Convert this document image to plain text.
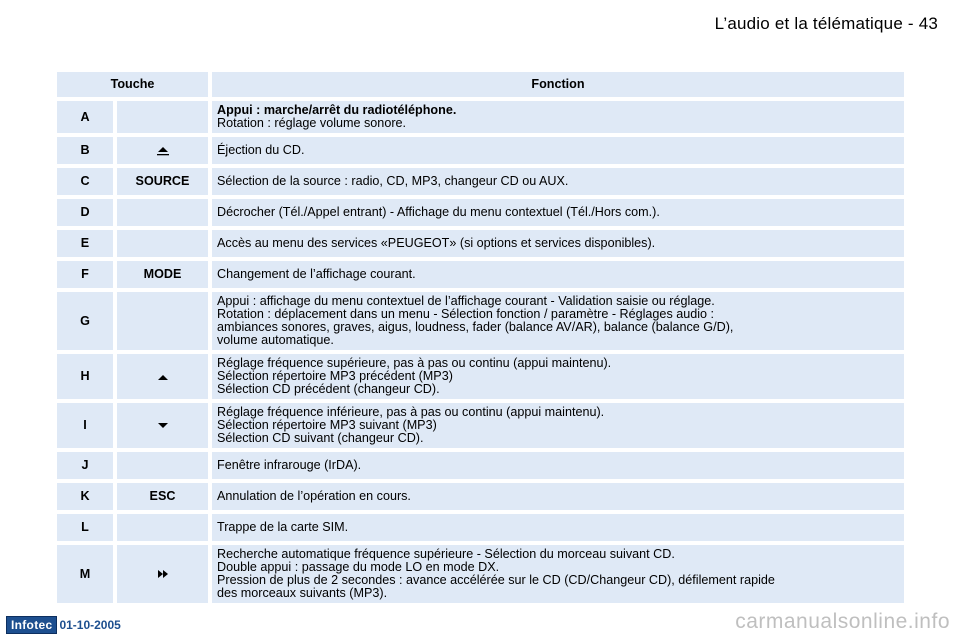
L’audio et la télématique - 43
Touche		Fonction
A		Appui : marche/arrêt du radiotéléphone.
Rotation : réglage volume sonore.

B		Éjection du CD.

C	SOURCE	Sélection de la source : radio, CD, MP3, changeur CD ou AUX.

D		Décrocher (Tél./Appel entrant) - Affichage du menu contextuel (Tél./Hors com.).

E		Accès au menu des services «PEUGEOT» (si options et services disponibles).

F	MODE	Changement de l’affichage courant.

G		Appui : affichage du menu contextuel de l’affichage courant - Validation saisie ou réglage.
Rotation : déplacement dans un menu - Sélection fonction / paramètre - Réglages audio :
ambiances sonores, graves, aigus, loudness, fader (balance AV/AR), balance (balance G/D),
volume automatique.

H		Réglage fréquence supérieure, pas à pas ou continu (appui maintenu).
Sélection répertoire MP3 précédent (MP3)
Sélection CD précédent (changeur CD).

I		Réglage fréquence inférieure, pas à pas ou continu (appui maintenu).
Sélection répertoire MP3 suivant (MP3)
Sélection CD suivant (changeur CD).

J		Fenêtre infrarouge (IrDA).

K	ESC	Annulation de l’opération en cours.

L		Trappe de la carte SIM.

M		Recherche automatique fréquence supérieure - Sélection du morceau suivant CD.
Double appui : passage du mode LO en mode DX.
Pression de plus de 2 secondes : avance accélérée sur le CD (CD/Changeur CD), défilement rapide
des morceaux suivants (MP3).
Infotec 01-10-2005	carmanualsonline.info
